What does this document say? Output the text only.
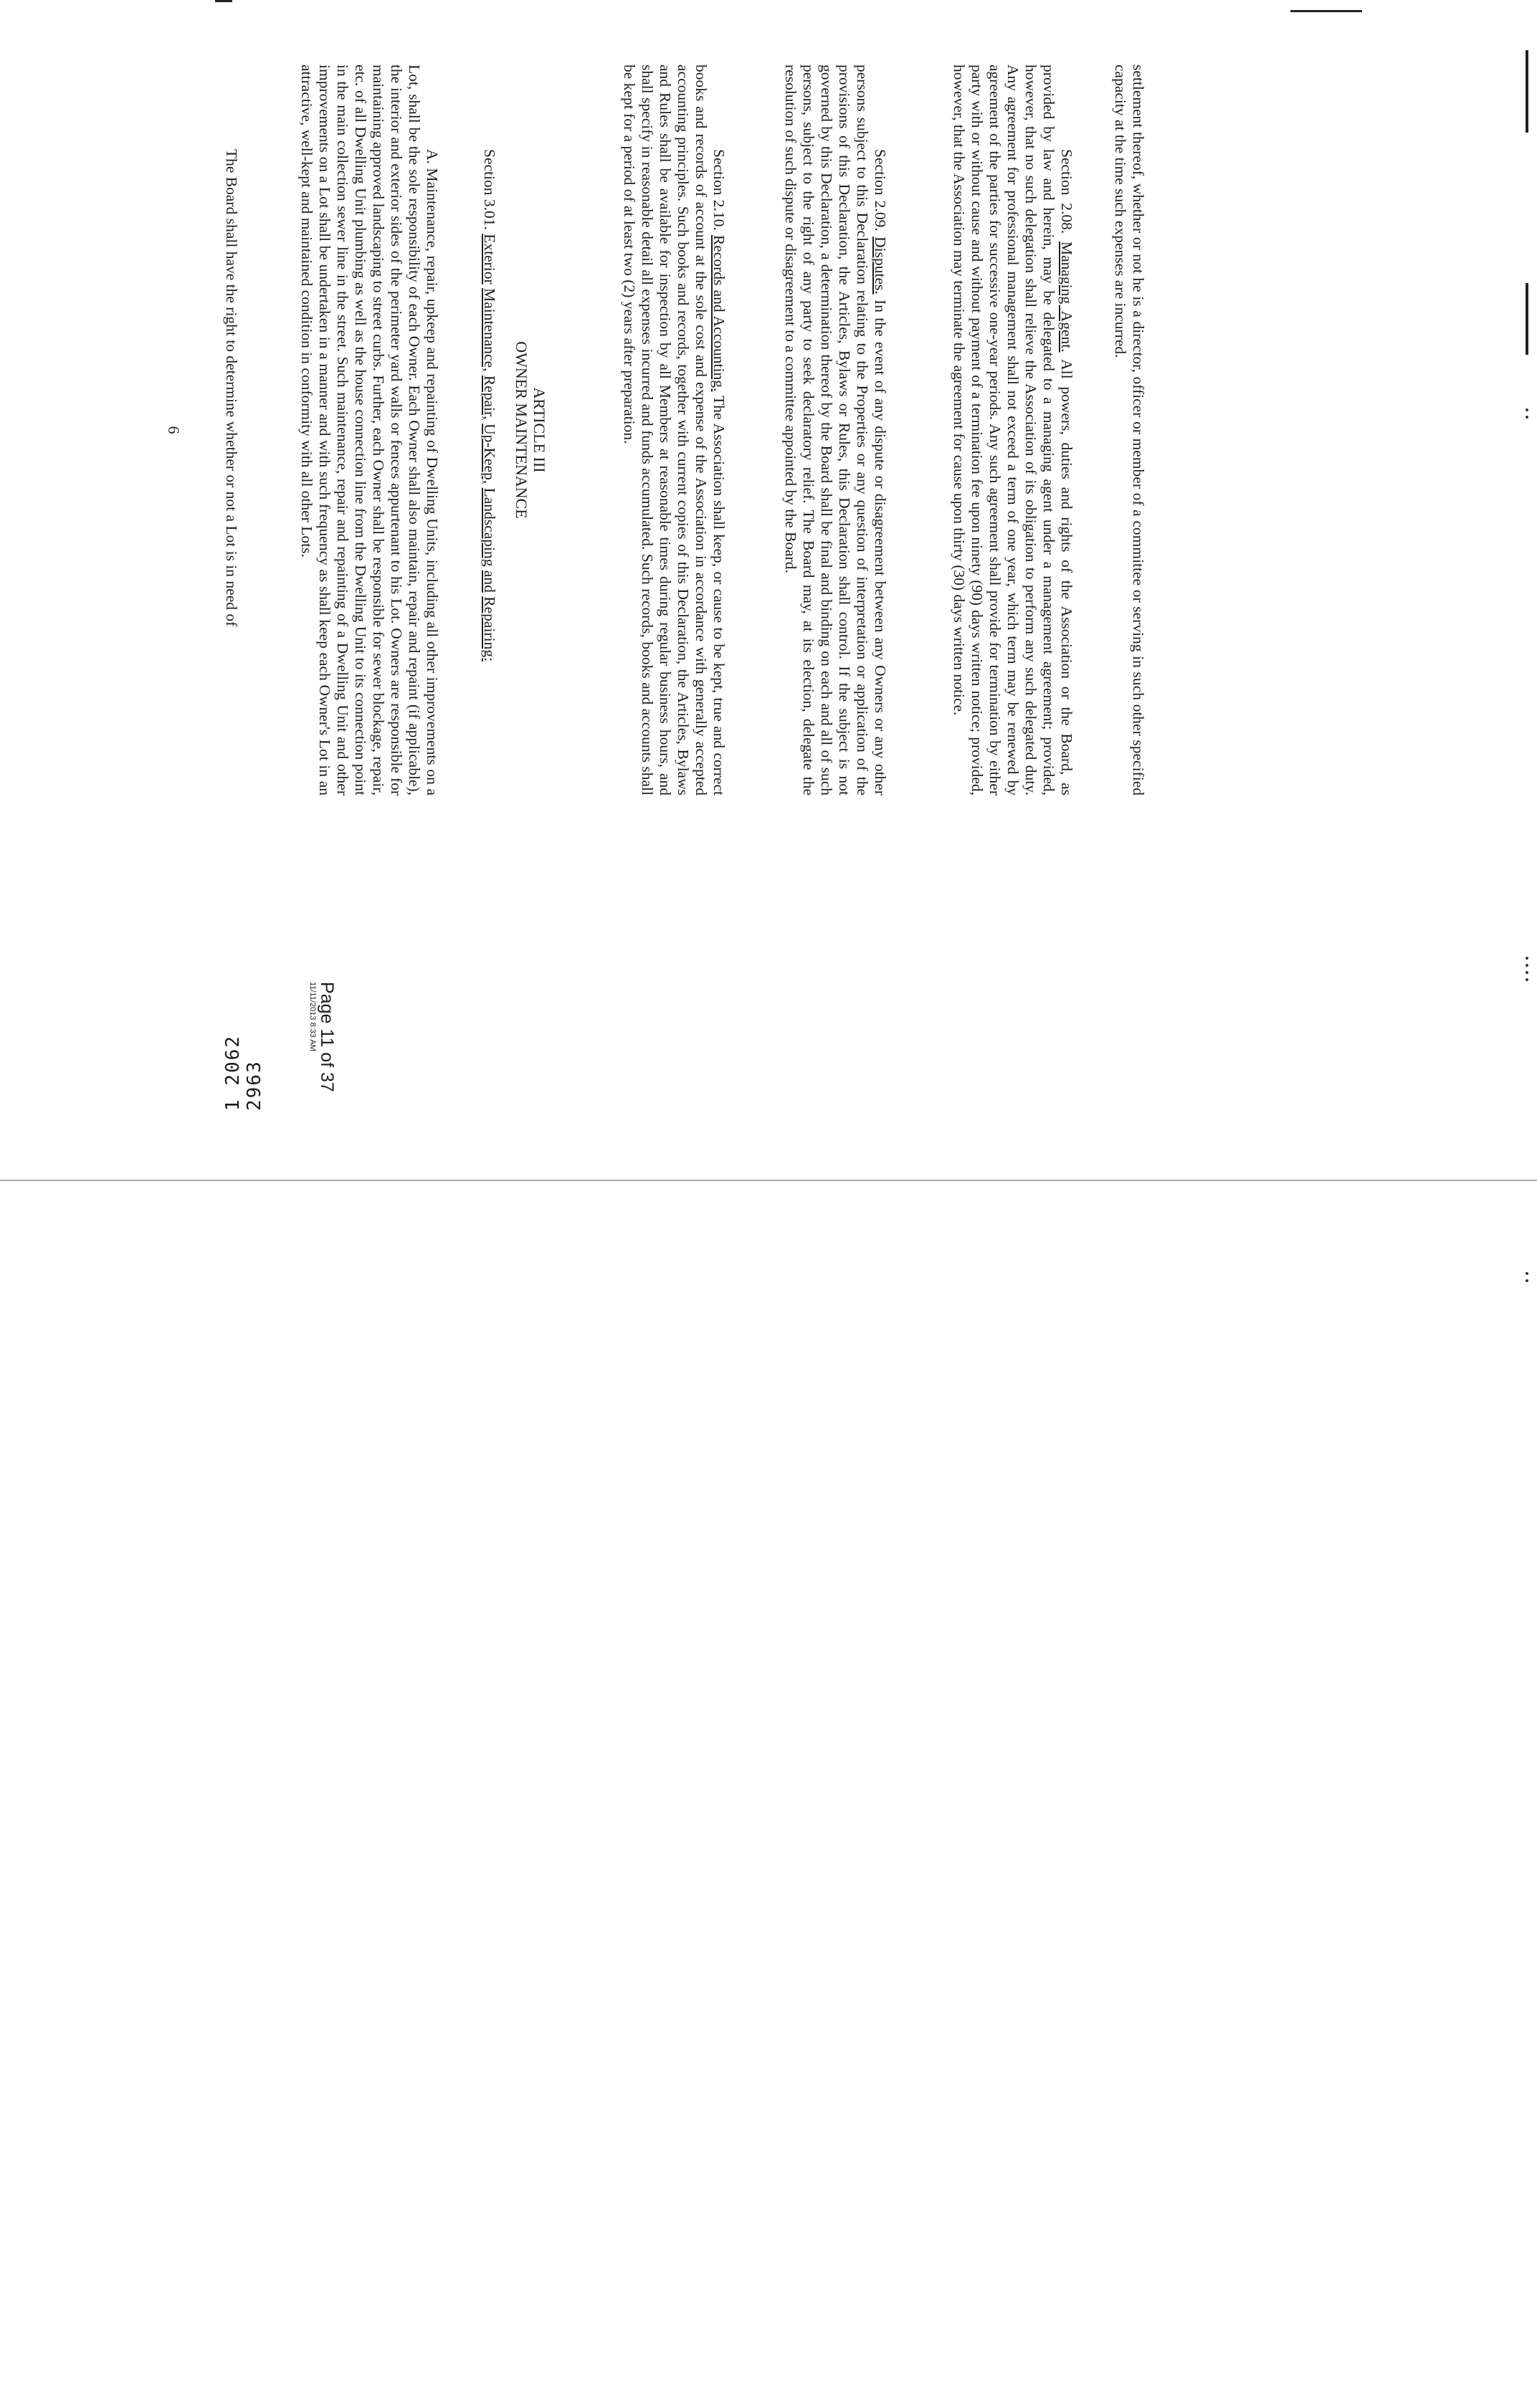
settlement thereof, whether or not he is a director, officer or member of a committee or serving in such other specified capacity at the time such expenses are incurred.

Section 2.08. Managing Agent. All powers, duties and rights of the Association or the Board, as provided by law and herein, may be delegated to a managing agent under a management agreement; provided, however, that no such delegation shall relieve the Association of its obligation to perform any such delegated duty. Any agreement for professional management shall not exceed a term of one year, which term may be renewed by agreement of the parties for successive one-year periods. Any such agreement shall provide for termination by either party with or without cause and without payment of a termination fee upon ninety (90) days written notice; provided, however, that the Association may terminate the agreement for cause upon thirty (30) days written notice.

Section 2.09. Disputes. In the event of any dispute or disagreement between any Owners or any other persons subject to this Declaration relating to the Properties or any question of interpretation or application of the provisions of this Declaration, the Articles, Bylaws or Rules, this Declaration shall control. If the subject is not governed by this Declaration, a determination thereof by the Board shall be final and binding on each and all of such persons, subject to the right of any party to seek declaratory relief. The Board may, at its election, delegate the resolution of such dispute or disagreement to a committee appointed by the Board.

Section 2.10. Records and Accounting. The Association shall keep, or cause to be kept, true and correct books and records of account at the sole cost and expense of the Association in accordance with generally accepted accounting principles. Such books and records, together with current copies of this Declaration, the Articles, Bylaws and Rules shall be available for inspection by all Members at reasonable times during regular business hours, and shall specify in reasonable detail all expenses incurred and funds accumulated. Such records, books and accounts shall be kept for a period of at least two (2) years after preparation.

ARTICLE III
OWNER MAINTENANCE

Section 3.01. Exterior Maintenance, Repair, Up-Keep, Landscaping and Repairing:

A. Maintenance, repair, upkeep and repainting of Dwelling Units, including all other improvements on a Lot, shall be the sole responsibility of each Owner. Each Owner shall also maintain, repair and repaint (if applicable), the interior and exterior sides of the perimeter yard walls or fences appurtenant to his Lot. Owners are responsible for maintaining approved landscaping to street curbs. Further, each Owner shall be responsible for sewer blockage, repair, etc. of all Dwelling Unit plumbing as well as the house connection line from the Dwelling Unit to its connection point in the main collection sewer line in the street. Such maintenance, repair and repainting of a Dwelling Unit and other improvements on a Lot shall be undertaken in a manner and with such frequency as shall keep each Owner's Lot in an attractive, well-kept and maintained condition in conformity with all other Lots.

The Board shall have the right to determine whether or not a Lot is in need of

6
Page 11 of 37
11/11/2013 8:33 AM
1 2062 2963
